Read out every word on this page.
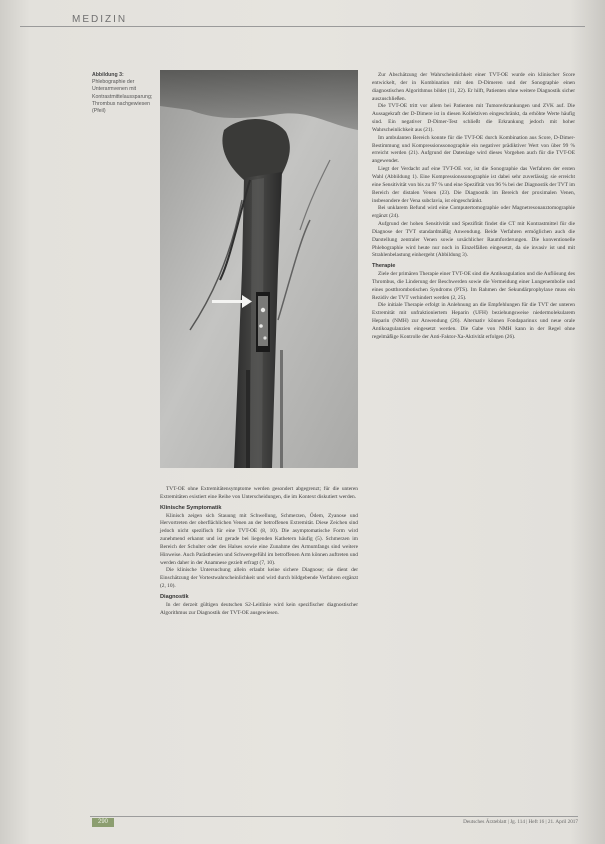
MEDIZIN
Abbildung 3:
Phlebographie der Unterarmvenen mit Kontrastmittelaussparung; Thrombus nachgewiesen (Pfeil)

TVT-OE ohne Extremitätensymptome werden gesondert abgegrenzt; für die unteren Extremitäten existiert eine Reihe von Unterscheidungen, die im Kontext diskutiert werden.

Klinische Symptomatik

Klinisch zeigen sich Stauung mit Schwellung, Schmerzen, Ödem, Zyanose und Hervortreten der oberflächlichen Venen an der betroffenen Extremität. Diese Zeichen sind jedoch nicht spezifisch für eine TVT-OE (8, 10). Die asymptomatische Form wird zunehmend erkannt und ist gerade bei liegenden Kathetern häufig (5). Schmerzen im Bereich der Schulter oder des Halses sowie eine Zunahme des Armumfangs sind weitere Hinweise. Auch Parästhesien und Schweregefühl im betroffenen Arm können auftreten und werden daher in der Anamnese gezielt erfragt (7, 10).

Die klinische Untersuchung allein erlaubt keine sichere Diagnose; sie dient der Einschätzung der Vortestwahrscheinlichkeit und wird durch bildgebende Verfahren ergänzt (2, 10).

Diagnostik

In der derzeit gültigen deutschen S2-Leitlinie wird kein spezifischer diagnostischer Algorithmus zur Diagnostik der TVT-OE ausgewiesen.

Zur Abschätzung der Wahrscheinlichkeit einer TVT-OE wurde ein klinischer Score entwickelt, der in Kombination mit den D-Dimeren und der Sonographie einen diagnostischen Algorithmus bildet (11, 22). Er hilft, Patienten ohne weitere Diagnostik sicher auszuschließen.

Die TVT-OE tritt vor allem bei Patienten mit Tumorerkrankungen und ZVK auf. Die Aussagekraft der D-Dimere ist in diesen Kollektiven eingeschränkt, da erhöhte Werte häufig sind. Ein negativer D-Dimer-Test schließt die Erkrankung jedoch mit hoher Wahrscheinlichkeit aus (21).

Im ambulanten Bereich konnte für die TVT-OE durch Kombination aus Score, D-Dimer-Bestimmung und Kompressionssonographie ein negativer prädiktiver Wert von über 99 % erreicht werden (21). Aufgrund der Datenlage wird dieses Vorgehen auch für die TVT-OE angewendet.

Liegt der Verdacht auf eine TVT-OE vor, ist die Sonographie das Verfahren der ersten Wahl (Abbildung 1). Eine Kompressionssonographie ist dabei sehr zuverlässig; sie erreicht eine Sensitivität von bis zu 97 % und eine Spezifität von 96 % bei der Diagnostik der TVT im Bereich der distalen Venen (23). Die Diagnostik im Bereich der proximalen Venen, insbesondere der Vena subclavia, ist eingeschränkt.

Bei unklarem Befund wird eine Computertomographie oder Magnetresonanztomographie ergänzt (24).

Aufgrund der hohen Sensitivität und Spezifität findet die CT mit Kontrastmittel für die Diagnose der TVT standardmäßig Anwendung. Beide Verfahren ermöglichen auch die Darstellung zentraler Venen sowie ursächlicher Raumforderungen. Die konventionelle Phlebographie wird heute nur noch in Einzelfällen eingesetzt, da sie invasiv ist und mit Strahlenbelastung einhergeht (Abbildung 3).

Therapie

Ziele der primären Therapie einer TVT-OE sind die Antikoagulation und die Auflösung des Thrombus, die Linderung der Beschwerden sowie die Vermeidung einer Lungenembolie und eines postthrombotischen Syndroms (PTS). Im Rahmen der Sekundärprophylaxe muss ein Rezidiv der TVT verhindert werden (2, 25).

Die initiale Therapie erfolgt in Anlehnung an die Empfehlungen für die TVT der unteren Extremität mit unfraktioniertem Heparin (UFH) beziehungsweise niedermolekularem Heparin (NMH) zur Anwendung (26). Alternativ können Fondaparinux und neue orale Antikoagulanzien eingesetzt werden. Die Gabe von NMH kann in der Regel ohne regelmäßige Kontrolle der Anti-Faktor-Xa-Aktivität erfolgen (26).

290	Deutsches Ärzteblatt | Jg. 114 | Heft 16 | 21. April 2017
